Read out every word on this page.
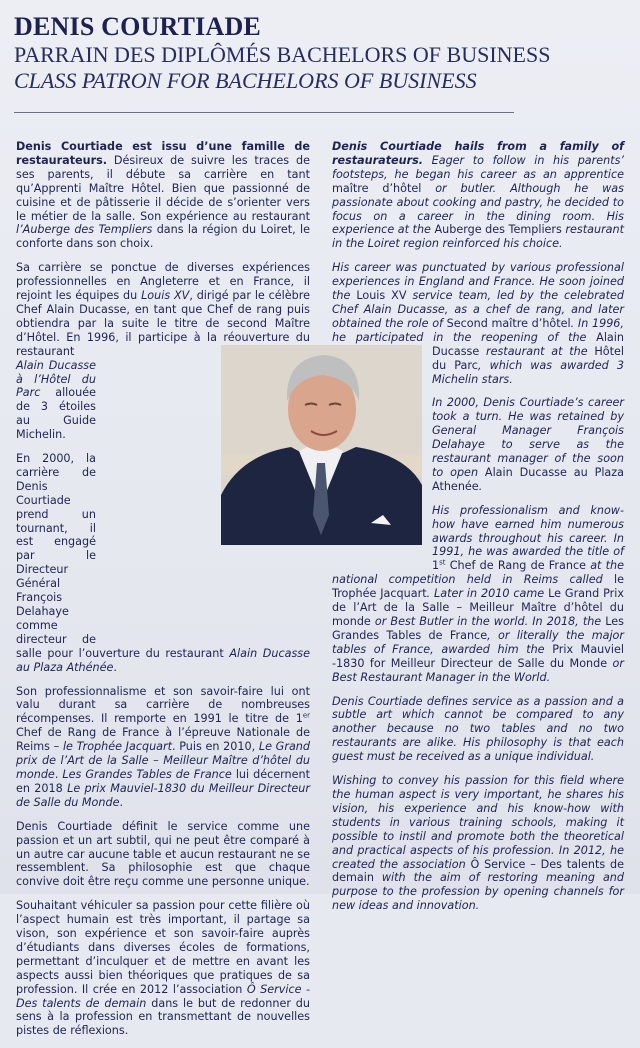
DENIS COURTIADE
PARRAIN DES DIPLÔMÉS BACHELORS OF BUSINESS
CLASS PATRON FOR BACHELORS OF BUSINESS

Denis Courtiade est issu d’une famille de restaurateurs. Désireux de suivre les traces de ses parents, il débute sa carrière en tant qu’Apprenti Maître Hôtel. Bien que passionné de cuisine et de pâtisserie il décide de s’orienter vers le métier de la salle. Son expérience au restaurant l’Auberge des Templiers dans la région du Loiret, le conforte dans son choix.

Sa carrière se ponctue de diverses expériences professionnelles en Angleterre et en France, il rejoint les équipes du Louis XV, dirigé par le célèbre Chef Alain Ducasse, en tant que Chef de rang puis obtiendra par la suite le titre de second Maître d’Hôtel. En 1996, il participe à la réouverture du restaurant
Alain Ducasse à l’Hôtel du Parc allouée de 3 étoiles au Guide Michelin.

En 2000, la carrière de Denis Courtiade prend un tournant, il est engagé par le Directeur Général François Delahaye comme directeur de salle pour l’ouverture du restaurant Alain Ducasse au Plaza Athénée.

Son professionnalisme et son savoir-faire lui ont valu durant sa carrière de nombreuses récompenses. Il remporte en 1991 le titre de 1er Chef de Rang de France à l’épreuve Nationale de Reims – le Trophée Jacquart. Puis en 2010, Le Grand prix de l’Art de la Salle – Meilleur Maître d’hôtel du monde. Les Grandes Tables de France lui décernent en 2018 Le prix Mauviel-1830 du Meilleur Directeur de Salle du Monde.

Denis Courtiade définit le service comme une passion et un art subtil, qui ne peut être comparé à un autre car aucune table et aucun restaurant ne se ressemblent. Sa philosophie est que chaque convive doit être reçu comme une personne unique.

Souhaitant véhiculer sa passion pour cette filière où l’aspect humain est très important, il partage sa vison, son expérience et son savoir-faire auprès d’étudiants dans diverses écoles de formations, permettant d’inculquer et de mettre en avant les aspects aussi bien théoriques que pratiques de sa profession. Il crée en 2012 l’association Ô Service - Des talents de demain dans le but de redonner du sens à la profession en transmettant de nouvelles pistes de réflexions.

Denis Courtiade hails from a family of restaurateurs. Eager to follow in his parents’ footsteps, he began his career as an apprentice maître d’hôtel or butler. Although he was passionate about cooking and pastry, he decided to focus on a career in the dining room. His experience at the Auberge des Templiers restaurant in the Loiret region reinforced his choice.

His career was punctuated by various professional experiences in England and France. He soon joined the Louis XV service team, led by the celebrated Chef Alain Ducasse, as a chef de rang, and later obtained the role of Second maître d’hôtel. In 1996, he participated in the reopening of the
Alain Ducasse restaurant at the Hôtel du Parc, which was awarded 3 Michelin stars.

In 2000, Denis Courtiade’s career took a turn. He was retained by General Manager François Delahaye to serve as the restaurant manager of the soon to open Alain Ducasse au Plaza Athenée.

His professionalism and know-how have earned him numerous awards throughout his career. In 1991, he was awarded the title of 1st Chef de Rang de France at the national competition held in Reims called le Trophée Jacquart. Later in 2010 came Le Grand Prix de l’Art de la Salle – Meilleur Maître d’hôtel du monde or Best Butler in the world. In 2018, the Les Grandes Tables de France, or literally the major tables of France, awarded him the Prix Mauviel -1830 for Meilleur Directeur de Salle du Monde or Best Restaurant Manager in the World.

Denis Courtiade defines service as a passion and a subtle art which cannot be compared to any another because no two tables and no two restaurants are alike. His philosophy is that each guest must be received as a unique individual.

Wishing to convey his passion for this field where the human aspect is very important, he shares his vision, his experience and his know-how with students in various training schools, making it possible to instil and promote both the theoretical and practical aspects of his profession. In 2012, he created the association Ô Service – Des talents de demain with the aim of restoring meaning and purpose to the profession by opening channels for new ideas and innovation.
